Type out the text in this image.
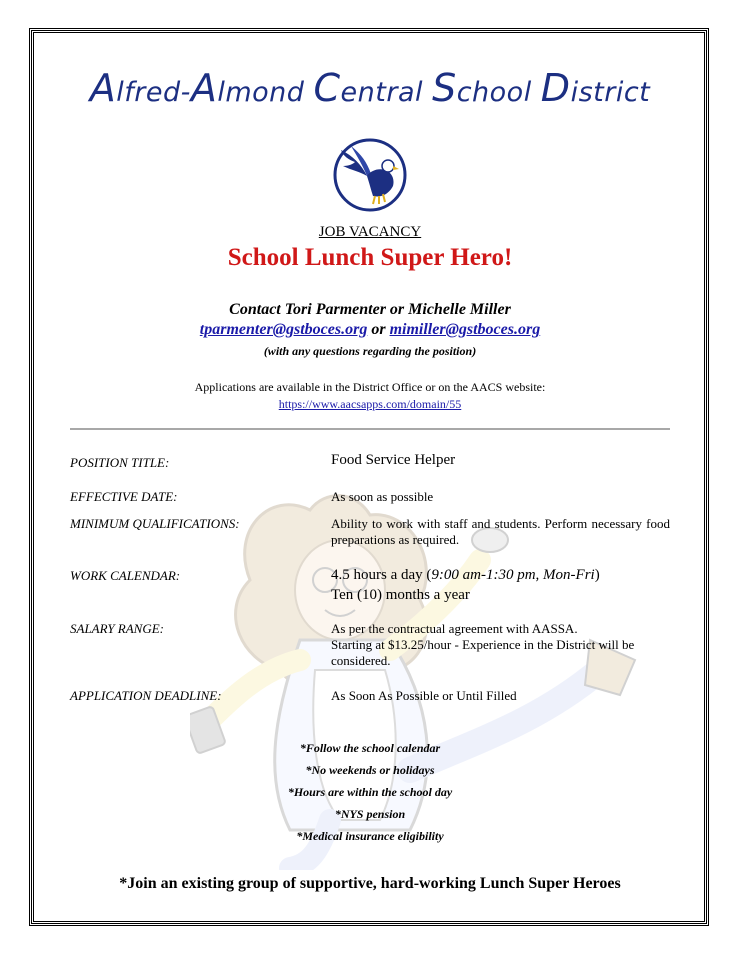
Alfred-Almond Central School District
JOB VACANCY
School Lunch Super Hero!
Contact Tori Parmenter or Michelle Miller
tparmenter@gstboces.org or mimiller@gstboces.org
(with any questions regarding the position)
Applications are available in the District Office or on the AACS website:
https://www.aacsapps.com/domain/55
POSITION TITLE:	Food Service Helper
EFFECTIVE DATE:	As soon as possible
MINIMUM QUALIFICATIONS:	Ability to work with staff and students. Perform necessary food preparations as required.
WORK CALENDAR:	4.5 hours a day (9:00 am-1:30 pm, Mon-Fri)
Ten (10) months a year
SALARY RANGE:	As per the contractual agreement with AASSA.
Starting at $13.25/hour - Experience in the District will be considered.
APPLICATION DEADLINE:	As Soon As Possible or Until Filled
*Follow the school calendar
*No weekends or holidays
*Hours are within the school day
*NYS pension
*Medical insurance eligibility
*Join an existing group of supportive, hard-working Lunch Super Heroes
